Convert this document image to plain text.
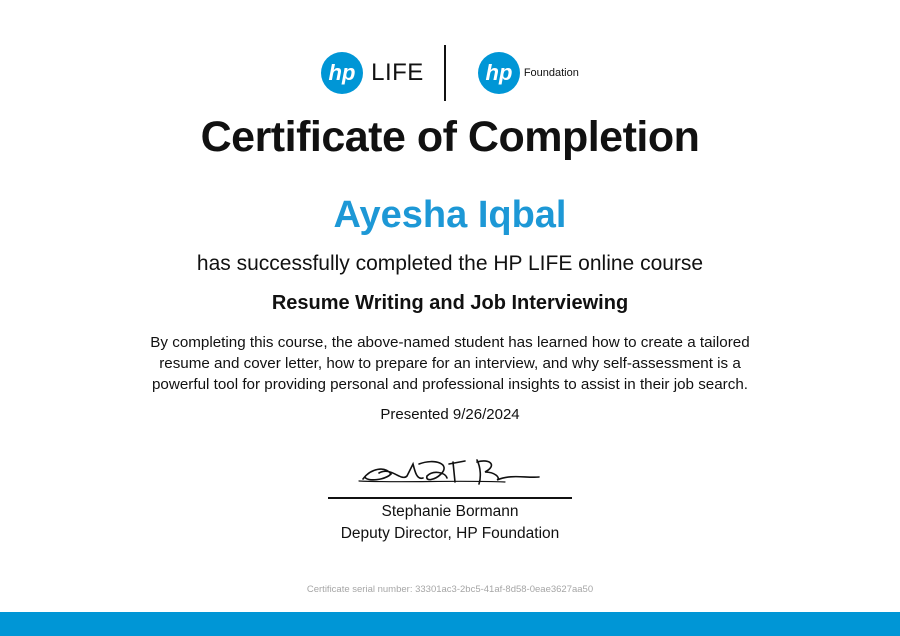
hp LIFE	hp Foundation
Certificate of Completion
Ayesha Iqbal
has successfully completed the HP LIFE online course
Resume Writing and Job Interviewing
By completing this course, the above-named student has learned how to create a tailored
resume and cover letter, how to prepare for an interview, and why self-assessment is a
powerful tool for providing personal and professional insights to assist in their job search.
Presented 9/26/2024
Stephanie Bormann
Deputy Director, HP Foundation
Certificate serial number: 33301ac3-2bc5-41af-8d58-0eae3627aa50
